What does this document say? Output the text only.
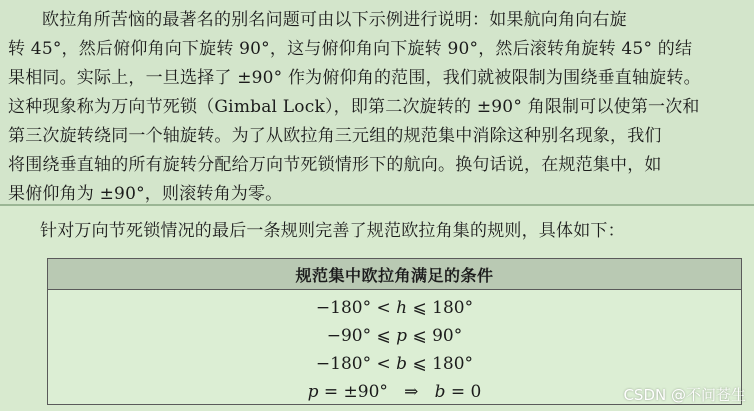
欧拉角所苦恼的最著名的别名问题可由以下示例进行说明：如果航向角向右旋
转 45°，然后俯仰角向下旋转 90°，这与俯仰角向下旋转 90°，然后滚转角旋转 45° 的结
果相同。实际上，一旦选择了 ±90° 作为俯仰角的范围，我们就被限制为围绕垂直轴旋转。
这种现象称为万向节死锁（Gimbal Lock），即第二次旋转的 ±90° 角限制可以使第一次和
第三次旋转绕同一个轴旋转。为了从欧拉角三元组的规范集中消除这种别名现象，我们
将围绕垂直轴的所有旋转分配给万向节死锁情形下的航向。换句话说，在规范集中，如
果俯仰角为 ±90°，则滚转角为零。

针对万向节死锁情况的最后一条规则完善了规范欧拉角集的规则，具体如下：
规范集中欧拉角满足的条件
−180° < h ⩽ 180°
−90° ⩽ p ⩽ 90°
−180° < b ⩽ 180°
p = ±90°   ⇒   b = 0	CSDN @不问苍生
